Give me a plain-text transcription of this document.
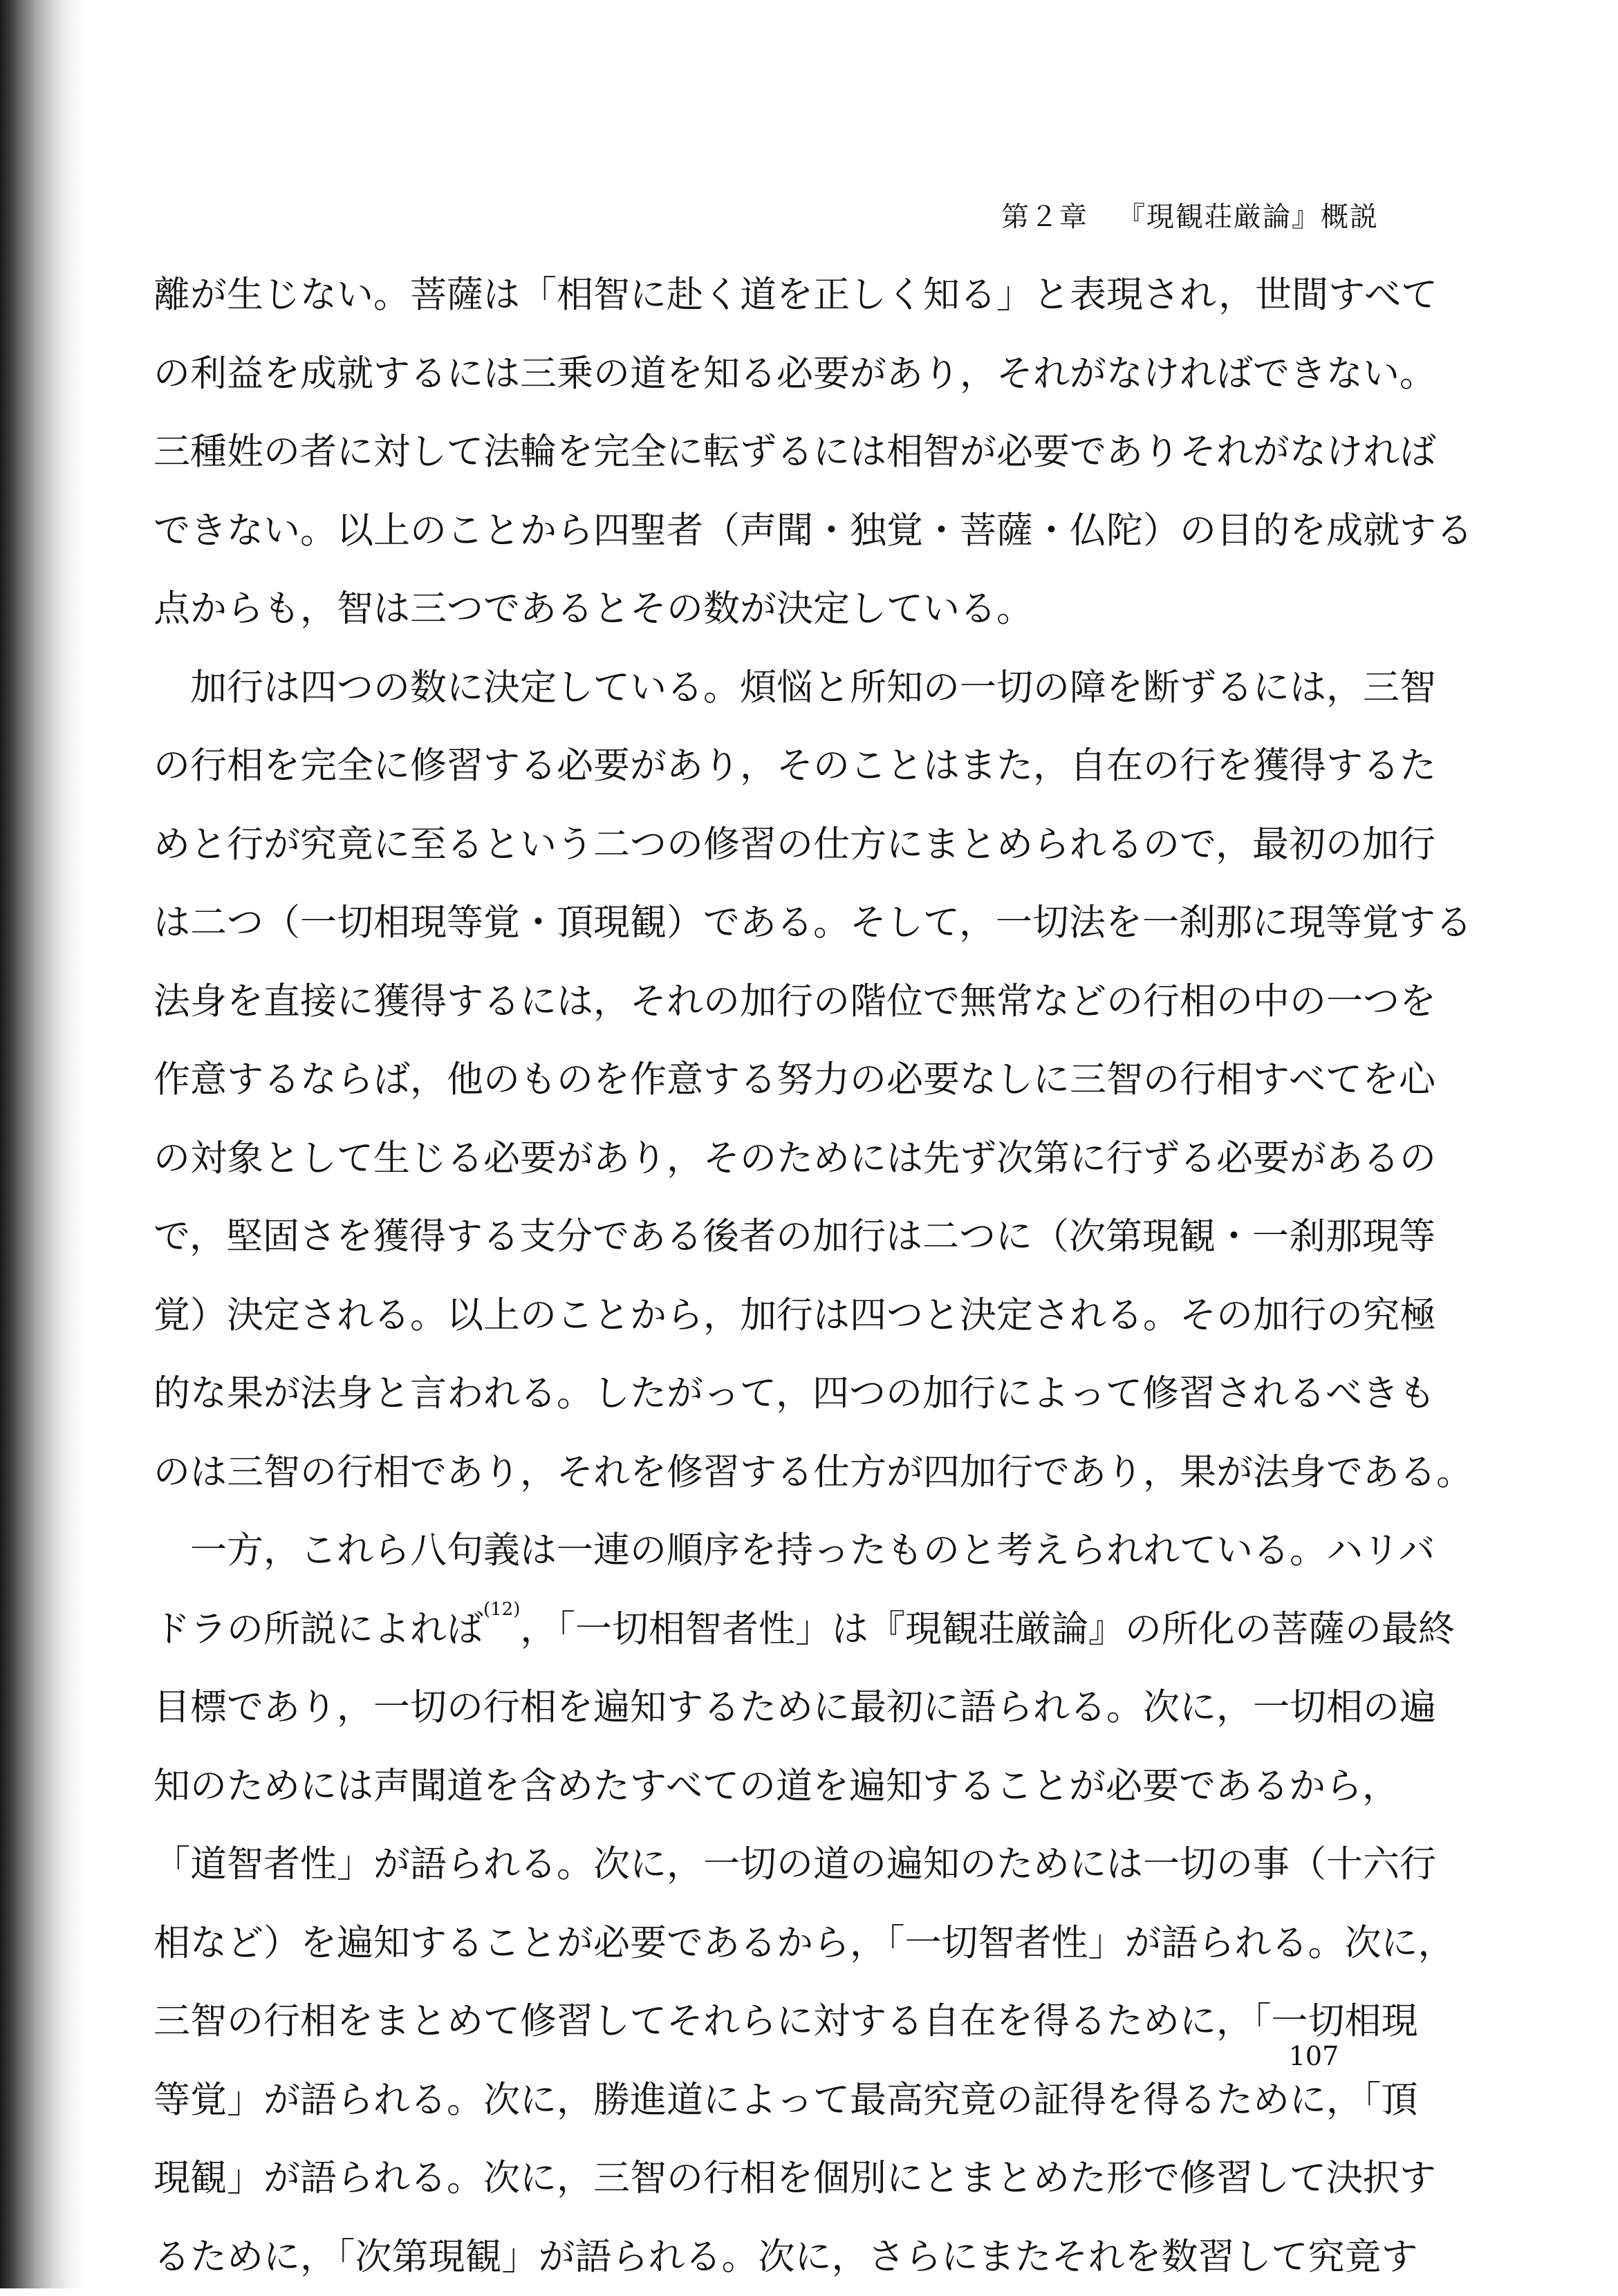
第２章 『現観荘厳論』概説
離が生じない。菩薩は「相智に赴く道を正しく知る」と表現され，世間すべて
の利益を成就するには三乗の道を知る必要があり，それがなければできない。
三種姓の者に対して法輪を完全に転ずるには相智が必要でありそれがなければ
できない。以上のことから四聖者（声聞・独覚・菩薩・仏陀）の目的を成就する
点からも，智は三つであるとその数が決定している。
加行は四つの数に決定している。煩悩と所知の一切の障を断ずるには，三智
の行相を完全に修習する必要があり，そのことはまた，自在の行を獲得するた
めと行が究竟に至るという二つの修習の仕方にまとめられるので，最初の加行
は二つ（一切相現等覚・頂現観）である。そして，一切法を一刹那に現等覚する
法身を直接に獲得するには，それの加行の階位で無常などの行相の中の一つを
作意するならば，他のものを作意する努力の必要なしに三智の行相すべてを心
の対象として生じる必要があり，そのためには先ず次第に行ずる必要があるの
で，堅固さを獲得する支分である後者の加行は二つに（次第現観・一刹那現等
覚）決定される。以上のことから，加行は四つと決定される。その加行の究極
的な果が法身と言われる。したがって，四つの加行によって修習されるべきも
のは三智の行相であり，それを修習する仕方が四加行であり，果が法身である。
一方，これら八句義は一連の順序を持ったものと考えられれている。ハリバ
ドラの所説によれば$^{(12)}$，「一切相智者性」は『現観荘厳論』の所化の菩薩の最終
目標であり，一切の行相を遍知するために最初に語られる。次に，一切相の遍
知のためには声聞道を含めたすべての道を遍知することが必要であるから，
「道智者性」が語られる。次に，一切の道の遍知のためには一切の事（十六行
相など）を遍知することが必要であるから，「一切智者性」が語られる。次に，
三智の行相をまとめて修習してそれらに対する自在を得るために，「一切相現
等覚」が語られる。次に，勝進道によって最高究竟の証得を得るために，「頂
現観」が語られる。次に，三智の行相を個別にとまとめた形で修習して決択す
るために，「次第現観」が語られる。次に，さらにまたそれを数習して究竟す
107
